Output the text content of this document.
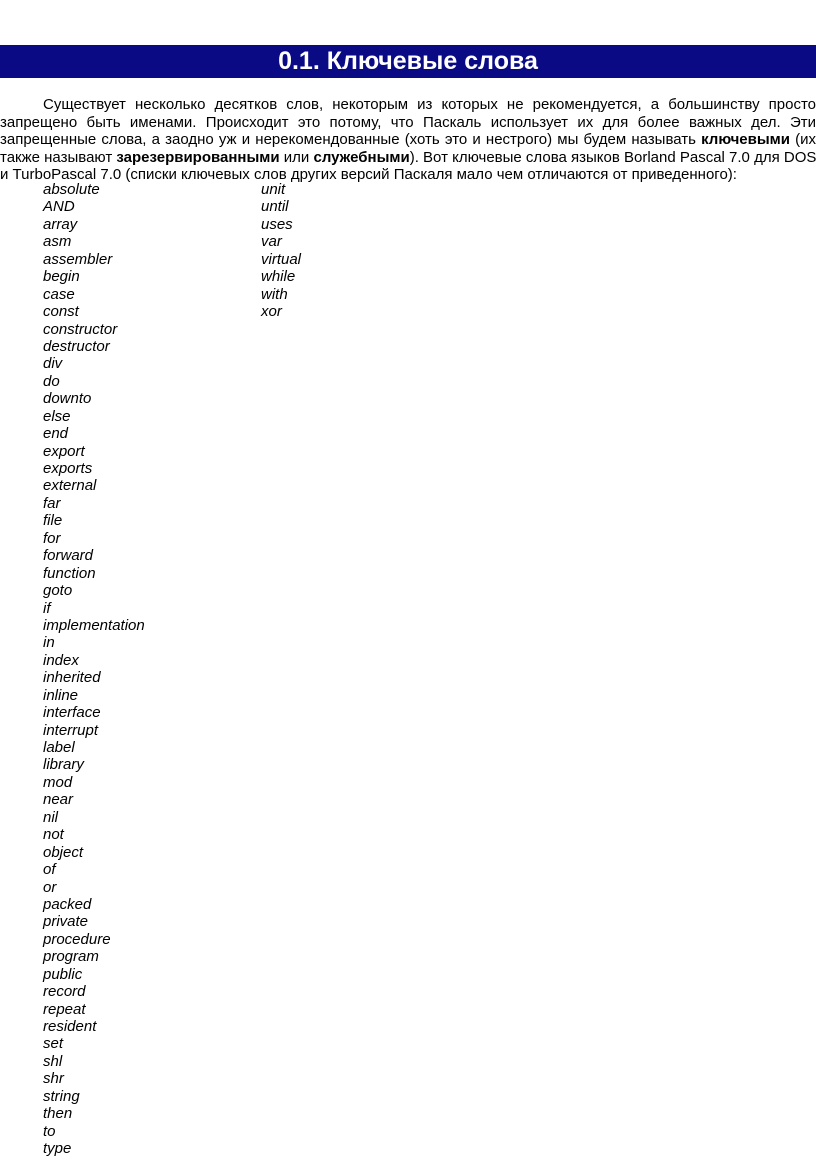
0.1. Ключевые слова
Существует несколько десятков слов, некоторым из которых не рекомендуется, а большинству просто
запрещено быть именами. Происходит это потому, что Паскаль использует их для более важных дел. Эти
запрещенные слова, а заодно уж и нерекомендованные (хоть это и нестрого) мы будем называть ключевыми (их
также называют зарезервированными или служебными). Вот ключевые слова языков Borland Pascal 7.0 для DOS
и TurboPascal 7.0 (списки ключевых слов других версий Паскаля мало чем отличаются от приведенного):
absolute
AND
array
asm
assembler
begin
case
const
constructor
destructor
div
do
downto
else
end
export
exports
external
far
file
for
forward
function
goto
if
implementation
in
index
inherited
inline
interface
interrupt
label
library
mod
near
nil
not
object
of
or
packed
private
procedure
program
public
record
repeat
resident
set
shl
shr
string
then
to
type
unit
until
uses
var
virtual
while
with
xor
